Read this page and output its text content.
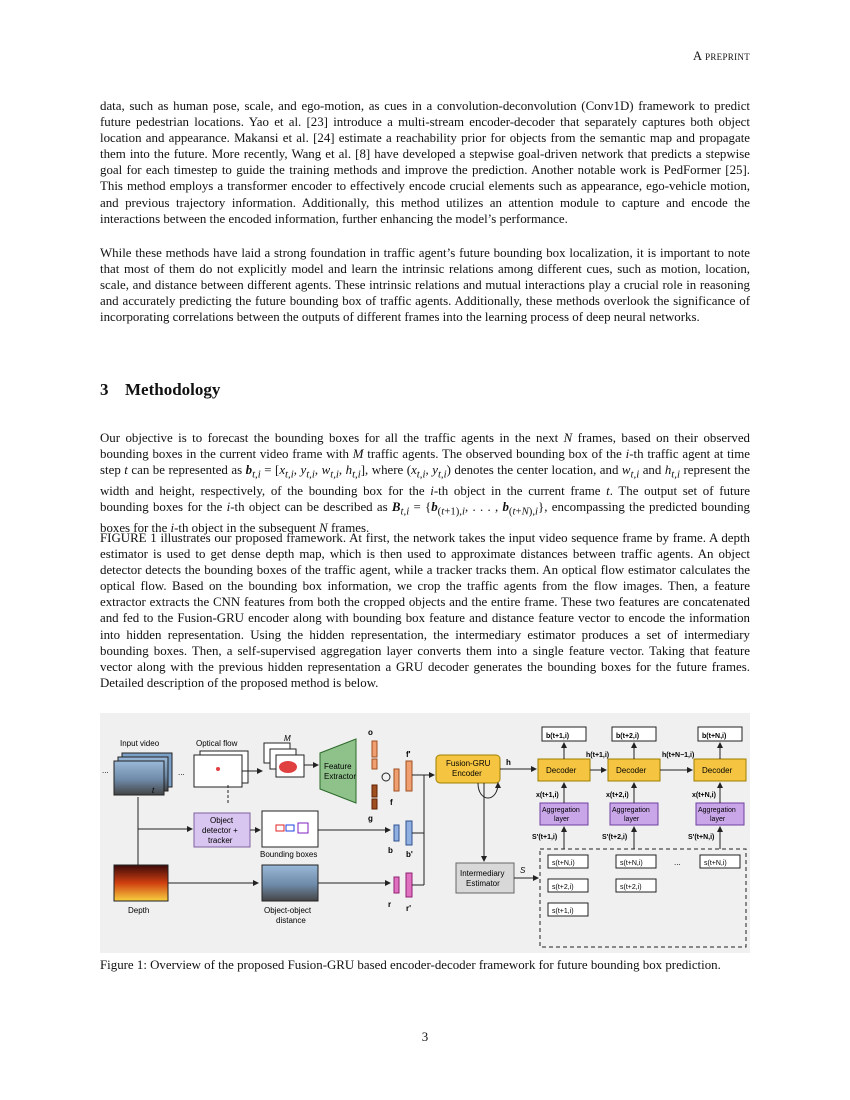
A preprint
data, such as human pose, scale, and ego-motion, as cues in a convolution-deconvolution (Conv1D) framework to predict future pedestrian locations. Yao et al. [23] introduce a multi-stream encoder-decoder that separately captures both object location and appearance. Makansi et al. [24] estimate a reachability prior for objects from the semantic map and propagate them into the future. More recently, Wang et al. [8] have developed a stepwise goal-driven network that predicts a stepwise goal for each timestep to guide the training methods and improve the prediction. Another notable work is PedFormer [25]. This method employs a transformer encoder to effectively encode crucial elements such as appearance, ego-vehicle motion, and previous trajectory information. Additionally, this method utilizes an attention module to capture and encode the interactions between the encoded information, further enhancing the model’s performance.
While these methods have laid a strong foundation in traffic agent’s future bounding box localization, it is important to note that most of them do not explicitly model and learn the intrinsic relations among different cues, such as motion, location, scale, and distance between different agents. These intrinsic relations and mutual interactions play a crucial role in reasoning and accurately predicting the future bounding box of traffic agents. Additionally, these methods overlook the significance of incorporating correlations between the outputs of different frames into the learning process of deep neural networks.
3 Methodology
Our objective is to forecast the bounding boxes for all the traffic agents in the next N frames, based on their observed bounding boxes in the current video frame with M traffic agents. The observed bounding box of the i-th traffic agent at time step t can be represented as $b_{t,i} = [x_{t,i}$, $y_{t,i}$, $w_{t,i}$, $h_{t,i}$], where ($x_{t,i}$, $y_{t,i}$) denotes the center location, and $w_{t,i}$ and $h_{t,i}$ represent the width and height, respectively, of the bounding box for the i-th object in the current frame t. The output set of future bounding boxes for the i-th object can be described as $B_{t,i} = \{b_{(t+1),i}$, . . . , $b_{(t+N),i}$}, encompassing the predicted bounding boxes for the i-th object in the subsequent N frames.
FIGURE 1 illustrates our proposed framework. At first, the network takes the input video sequence frame by frame. A depth estimator is used to get dense depth map, which is then used to approximate distances between traffic agents. An object detector detects the bounding boxes of the traffic agent, while a tracker tracks them. An optical flow estimator calculates the optical flow. Based on the bounding box information, we crop the traffic agents from the flow images. Then, a feature extractor extracts the CNN features from both the cropped objects and the entire frame. These two features are concatenated and fed to the Fusion-GRU encoder along with bounding box feature and distance feature vector to encode the information into hidden representation. Using the hidden representation, the intermediary estimator produces a set of intermediary bounding boxes. Then, a self-supervised aggregation layer converts them into a single feature vector. Taking that feature vector along with the previous hidden representation a GRU decoder generates the bounding boxes for the future frames. Detailed description of the proposed method is below.
Input video
...
t
...
Optical flow
M
Feature
Extractor
o
g
f
f'
Fusion-GRU
Encoder
h
Object
detector +
tracker
Bounding boxes	b b'
Depth	Object-object
distance
r r'
Intermediary
Estimator
S
s(t+N,i)
s(t+2,i)
s(t+1,i)
s(t+N,i)
s(t+2,i)
...	s(t+N,i)
Decoder	Decoder	Decoder
h(t+1,i)	h(t+N−1,i)
b(t+1,i)	b(t+2,i)	b(t+N,i)
Aggregation
layer
Aggregation
layer
Aggregation
layer
x(t+1,i)	x(t+2,i)	x(t+N,i)
S'(t+1,i)	S'(t+2,i)	S'(t+N,i)
Figure 1: Overview of the proposed Fusion-GRU based encoder-decoder framework for future bounding box prediction.
3
